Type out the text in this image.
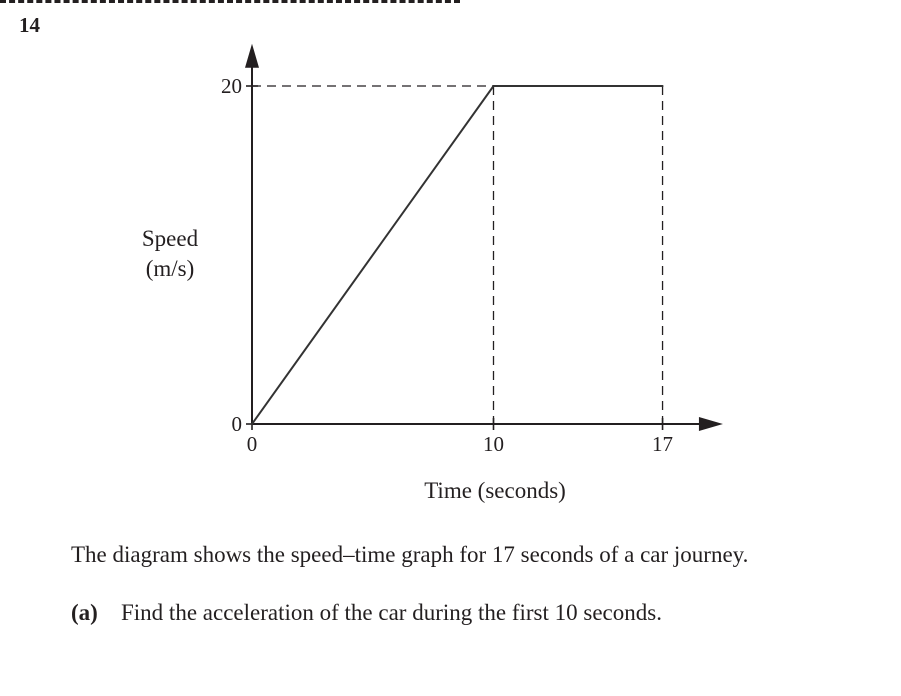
14
0
20
0	10	17
Speed
(m/s)
Time (seconds)
The diagram shows the speed–time graph for 17 seconds of a car journey.
(a) Find the acceleration of the car during the first 10 seconds.
